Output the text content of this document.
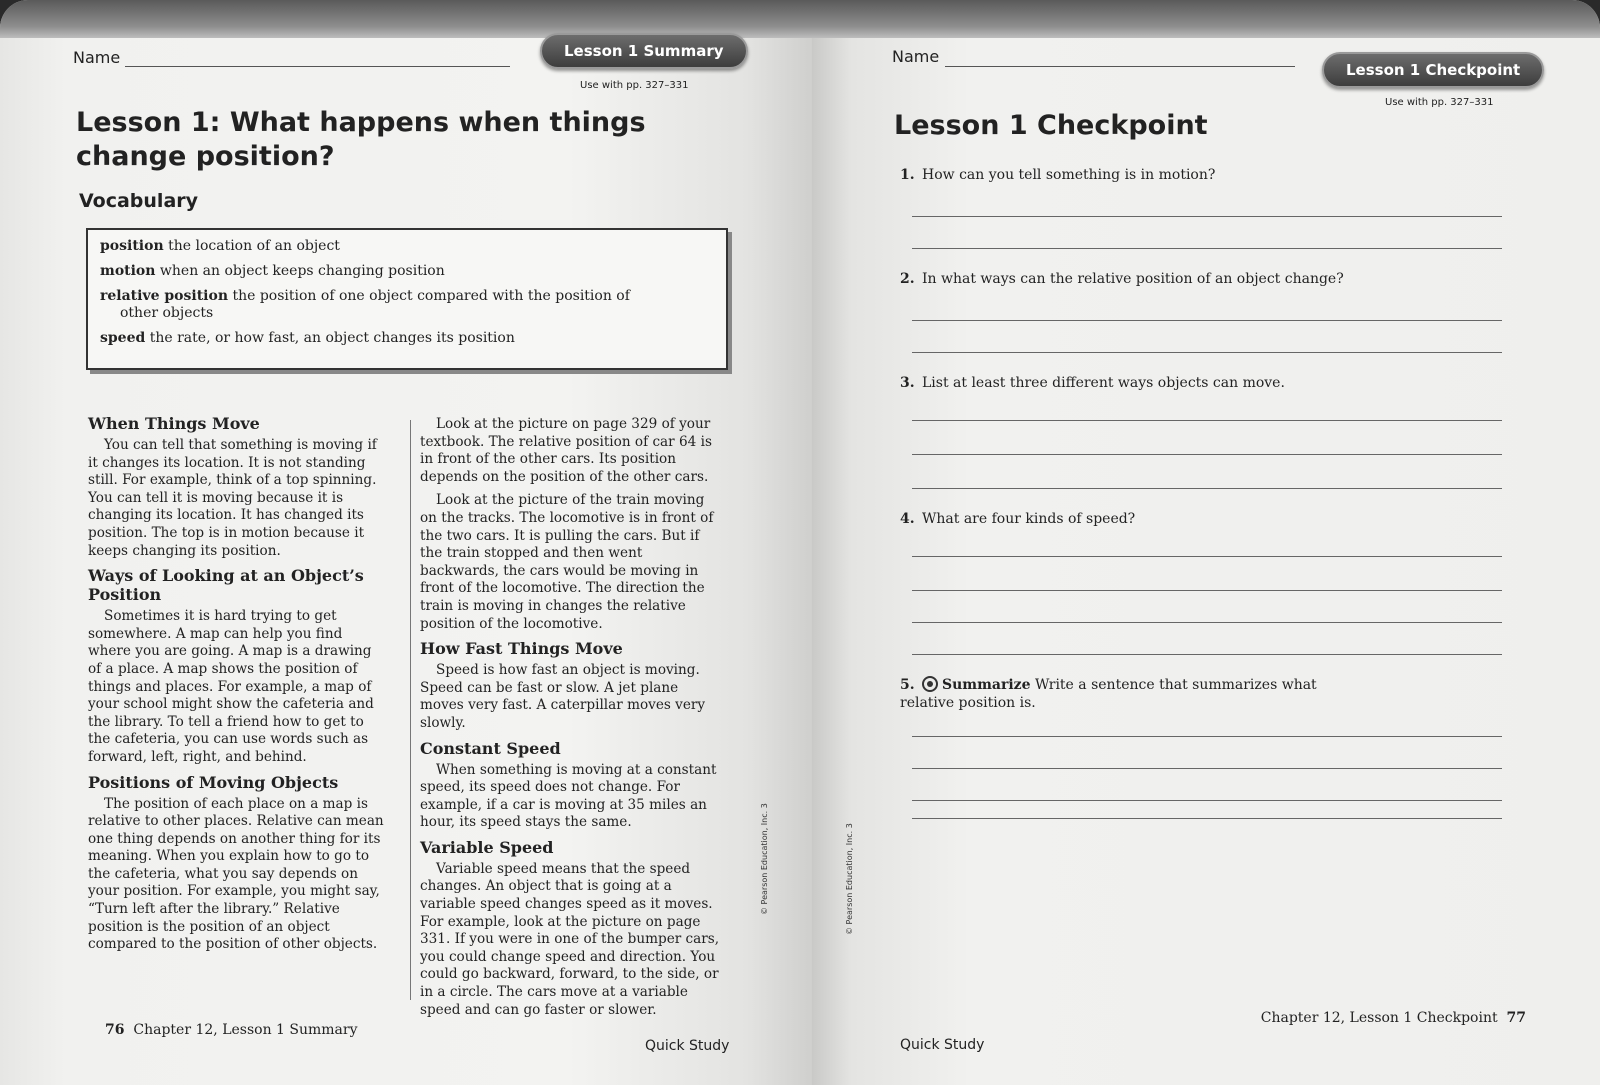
Name	Lesson 1 Summary
Use with pp. 327–331
Lesson 1: What happens when things
change position?
Vocabulary
position the location of an object
motion when an object keeps changing position
relative position the position of one object compared with the position of other objects
speed the rate, or how fast, an object changes its position
When Things Move

You can tell that something is moving if it changes its location. It is not standing still. For example, think of a top spinning. You can tell it is moving because it is changing its location. It has changed its position. The top is in motion because it keeps changing its position.

Ways of Looking at an Object’s Position

Sometimes it is hard trying to get somewhere. A map can help you find where you are going. A map is a drawing of a place. A map shows the position of things and places. For example, a map of your school might show the cafeteria and the library. To tell a friend how to get to the cafeteria, you can use words such as forward, left, right, and behind.

Positions of Moving Objects

The position of each place on a map is relative to other places. Relative can mean one thing depends on another thing for its meaning. When you explain how to go to the cafeteria, what you say depends on your position. For example, you might say, “Turn left after the library.” Relative position is the position of an object compared to the position of other objects.

Look at the picture on page 329 of your textbook. The relative position of car 64 is in front of the other cars. Its position depends on the position of the other cars.

Look at the picture of the train moving on the tracks. The locomotive is in front of the two cars. It is pulling the cars. But if the train stopped and then went backwards, the cars would be moving in front of the locomotive. The direction the train is moving in changes the relative position of the locomotive.

How Fast Things Move

Speed is how fast an object is moving. Speed can be fast or slow. A jet plane moves very fast. A caterpillar moves very slowly.

Constant Speed

When something is moving at a constant speed, its speed does not change. For example, if a car is moving at 35 miles an hour, its speed stays the same.

Variable Speed

Variable speed means that the speed changes. An object that is going at a variable speed changes speed as it moves. For example, look at the picture on page 331. If you were in one of the bumper cars, you could change speed and direction. You could go backward, forward, to the side, or in a circle. The cars move at a variable speed and can go faster or slower.

© Pearson Education, Inc. 3
76 Chapter 12, Lesson 1 Summary
Quick Study
Name
Lesson 1 Checkpoint
Use with pp. 327–331
Lesson 1 Checkpoint
1. How can you tell something is in motion?
2. In what ways can the relative position of an object change?
3. List at least three different ways objects can move.
4. What are four kinds of speed?
5. Summarize Write a sentence that summarizes what relative position is.
© Pearson Education, Inc. 3
Chapter 12, Lesson 1 Checkpoint 77
Quick Study
